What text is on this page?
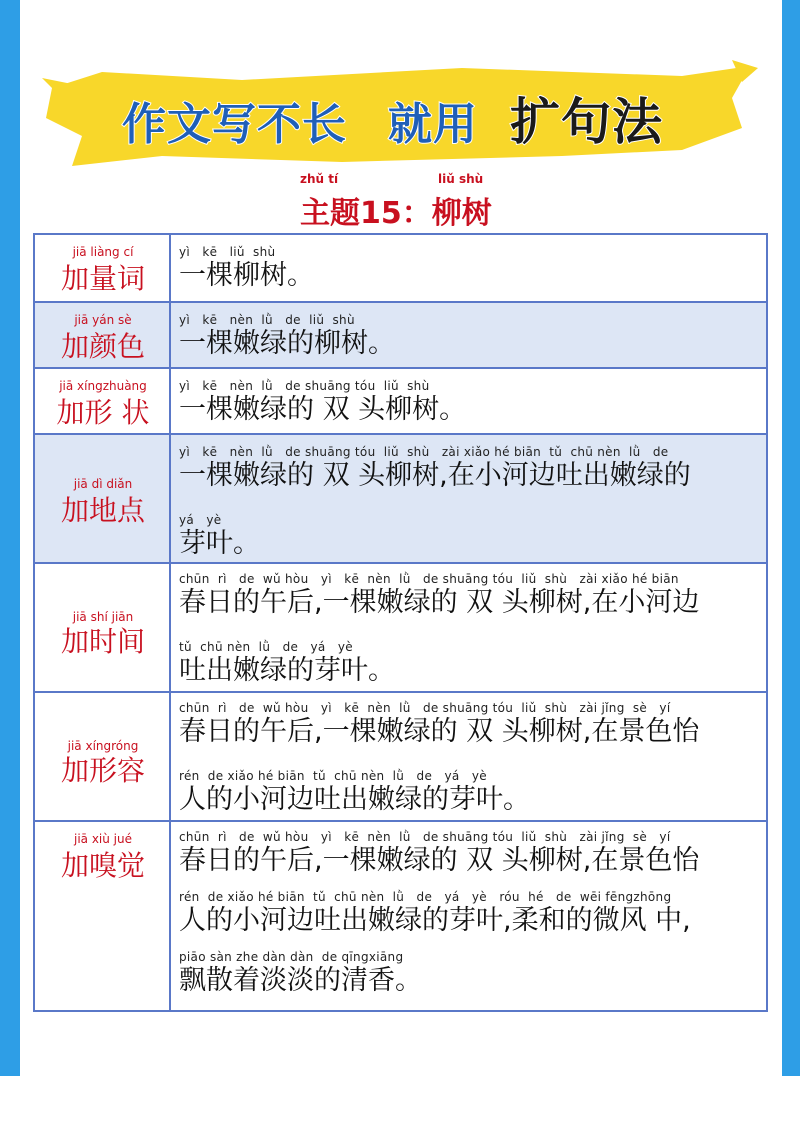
作文写不长 就用 扩句法
zhǔ tí	liǔ shù
主题15：柳树
jiā liàng cí
加量词
yì   kē   liǔ  shù
一棵柳树。
jiā yán sè
加颜色
yì   kē   nèn  lǜ   de  liǔ  shù
一棵嫩绿的柳树。
jiā xíngzhuàng
加形 状
yì   kē   nèn  lǜ   de shuāng tóu  liǔ  shù
一棵嫩绿的 双 头柳树。
jiā dì diǎn
加地点
yì   kē   nèn  lǜ   de shuāng tóu  liǔ  shù   zài xiǎo hé biān  tǔ  chū nèn  lǜ   de
一棵嫩绿的 双 头柳树,在小河边吐出嫩绿的
yá   yè
芽叶。
jiā shí jiān
加时间
chūn  rì   de  wǔ hòu   yì   kē  nèn  lǜ   de shuāng tóu  liǔ  shù   zài xiǎo hé biān
春日的午后,一棵嫩绿的 双 头柳树,在小河边
tǔ  chū nèn  lǜ   de   yá   yè
吐出嫩绿的芽叶。
jiā xíngróng
加形容
chūn  rì   de  wǔ hòu   yì   kē  nèn  lǜ   de shuāng tóu  liǔ  shù   zài jǐng  sè   yí
春日的午后,一棵嫩绿的 双 头柳树,在景色怡
rén  de xiǎo hé biān  tǔ  chū nèn  lǜ   de   yá   yè
人的小河边吐出嫩绿的芽叶。
jiā xiù jué
加嗅觉
chūn  rì   de  wǔ hòu   yì   kē  nèn  lǜ   de shuāng tóu  liǔ  shù   zài jǐng  sè   yí
春日的午后,一棵嫩绿的 双 头柳树,在景色怡
rén  de xiǎo hé biān  tǔ  chū nèn  lǜ   de   yá   yè   róu  hé   de  wēi fēngzhōng
人的小河边吐出嫩绿的芽叶,柔和的微风 中,
piāo sàn zhe dàn dàn  de qīngxiāng
飘散着淡淡的清香。
